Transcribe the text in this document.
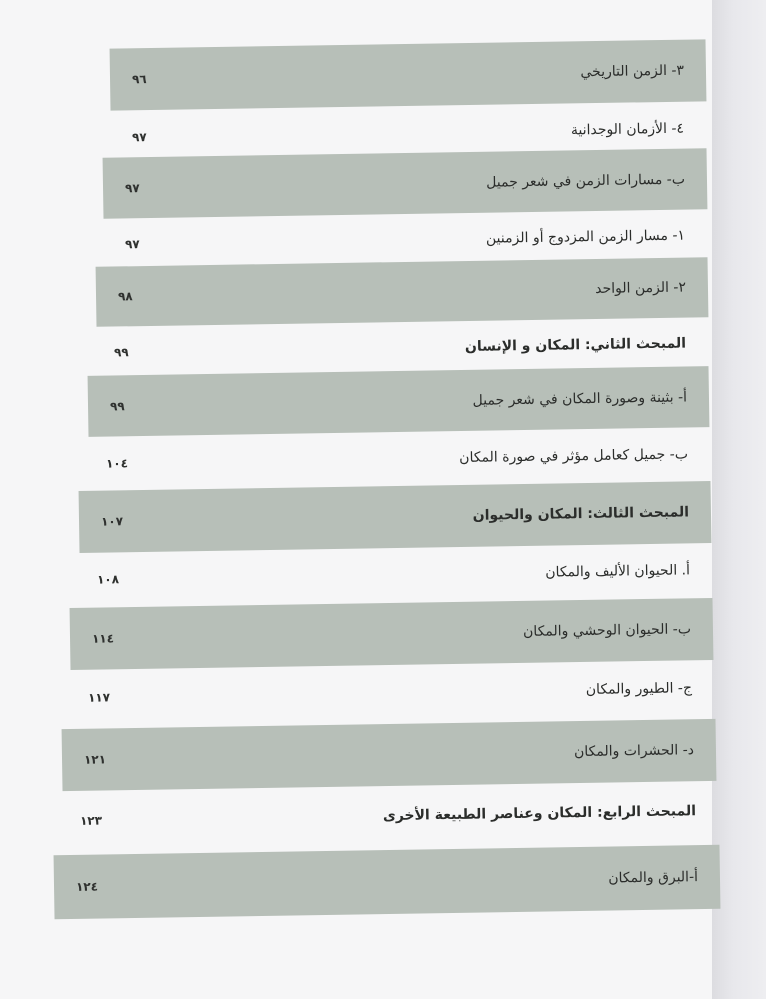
٣- الزمن التاريخي
٩٦
٤- الأزمان الوجدانية
٩٧
ب- مسارات الزمن في شعر جميل
٩٧
١- مسار الزمن المزدوج أو الزمنين
٩٧
٢- الزمن الواحد
٩٨
المبحث الثاني: المكان و الإنسان
٩٩
أ- بثينة وصورة المكان في شعر جميل
٩٩
ب- جميل كعامل مؤثر في صورة المكان
١٠٤
المبحث الثالث: المكان والحيوان
١٠٧
أ. الحيوان الأليف والمكان
١٠٨
ب- الحيوان الوحشي والمكان
١١٤
ج- الطيور والمكان
١١٧
د- الحشرات والمكان
١٢١
المبحث الرابع: المكان وعناصر الطبيعة الأخرى
١٢٣
أ-البرق والمكان
١٢٤
